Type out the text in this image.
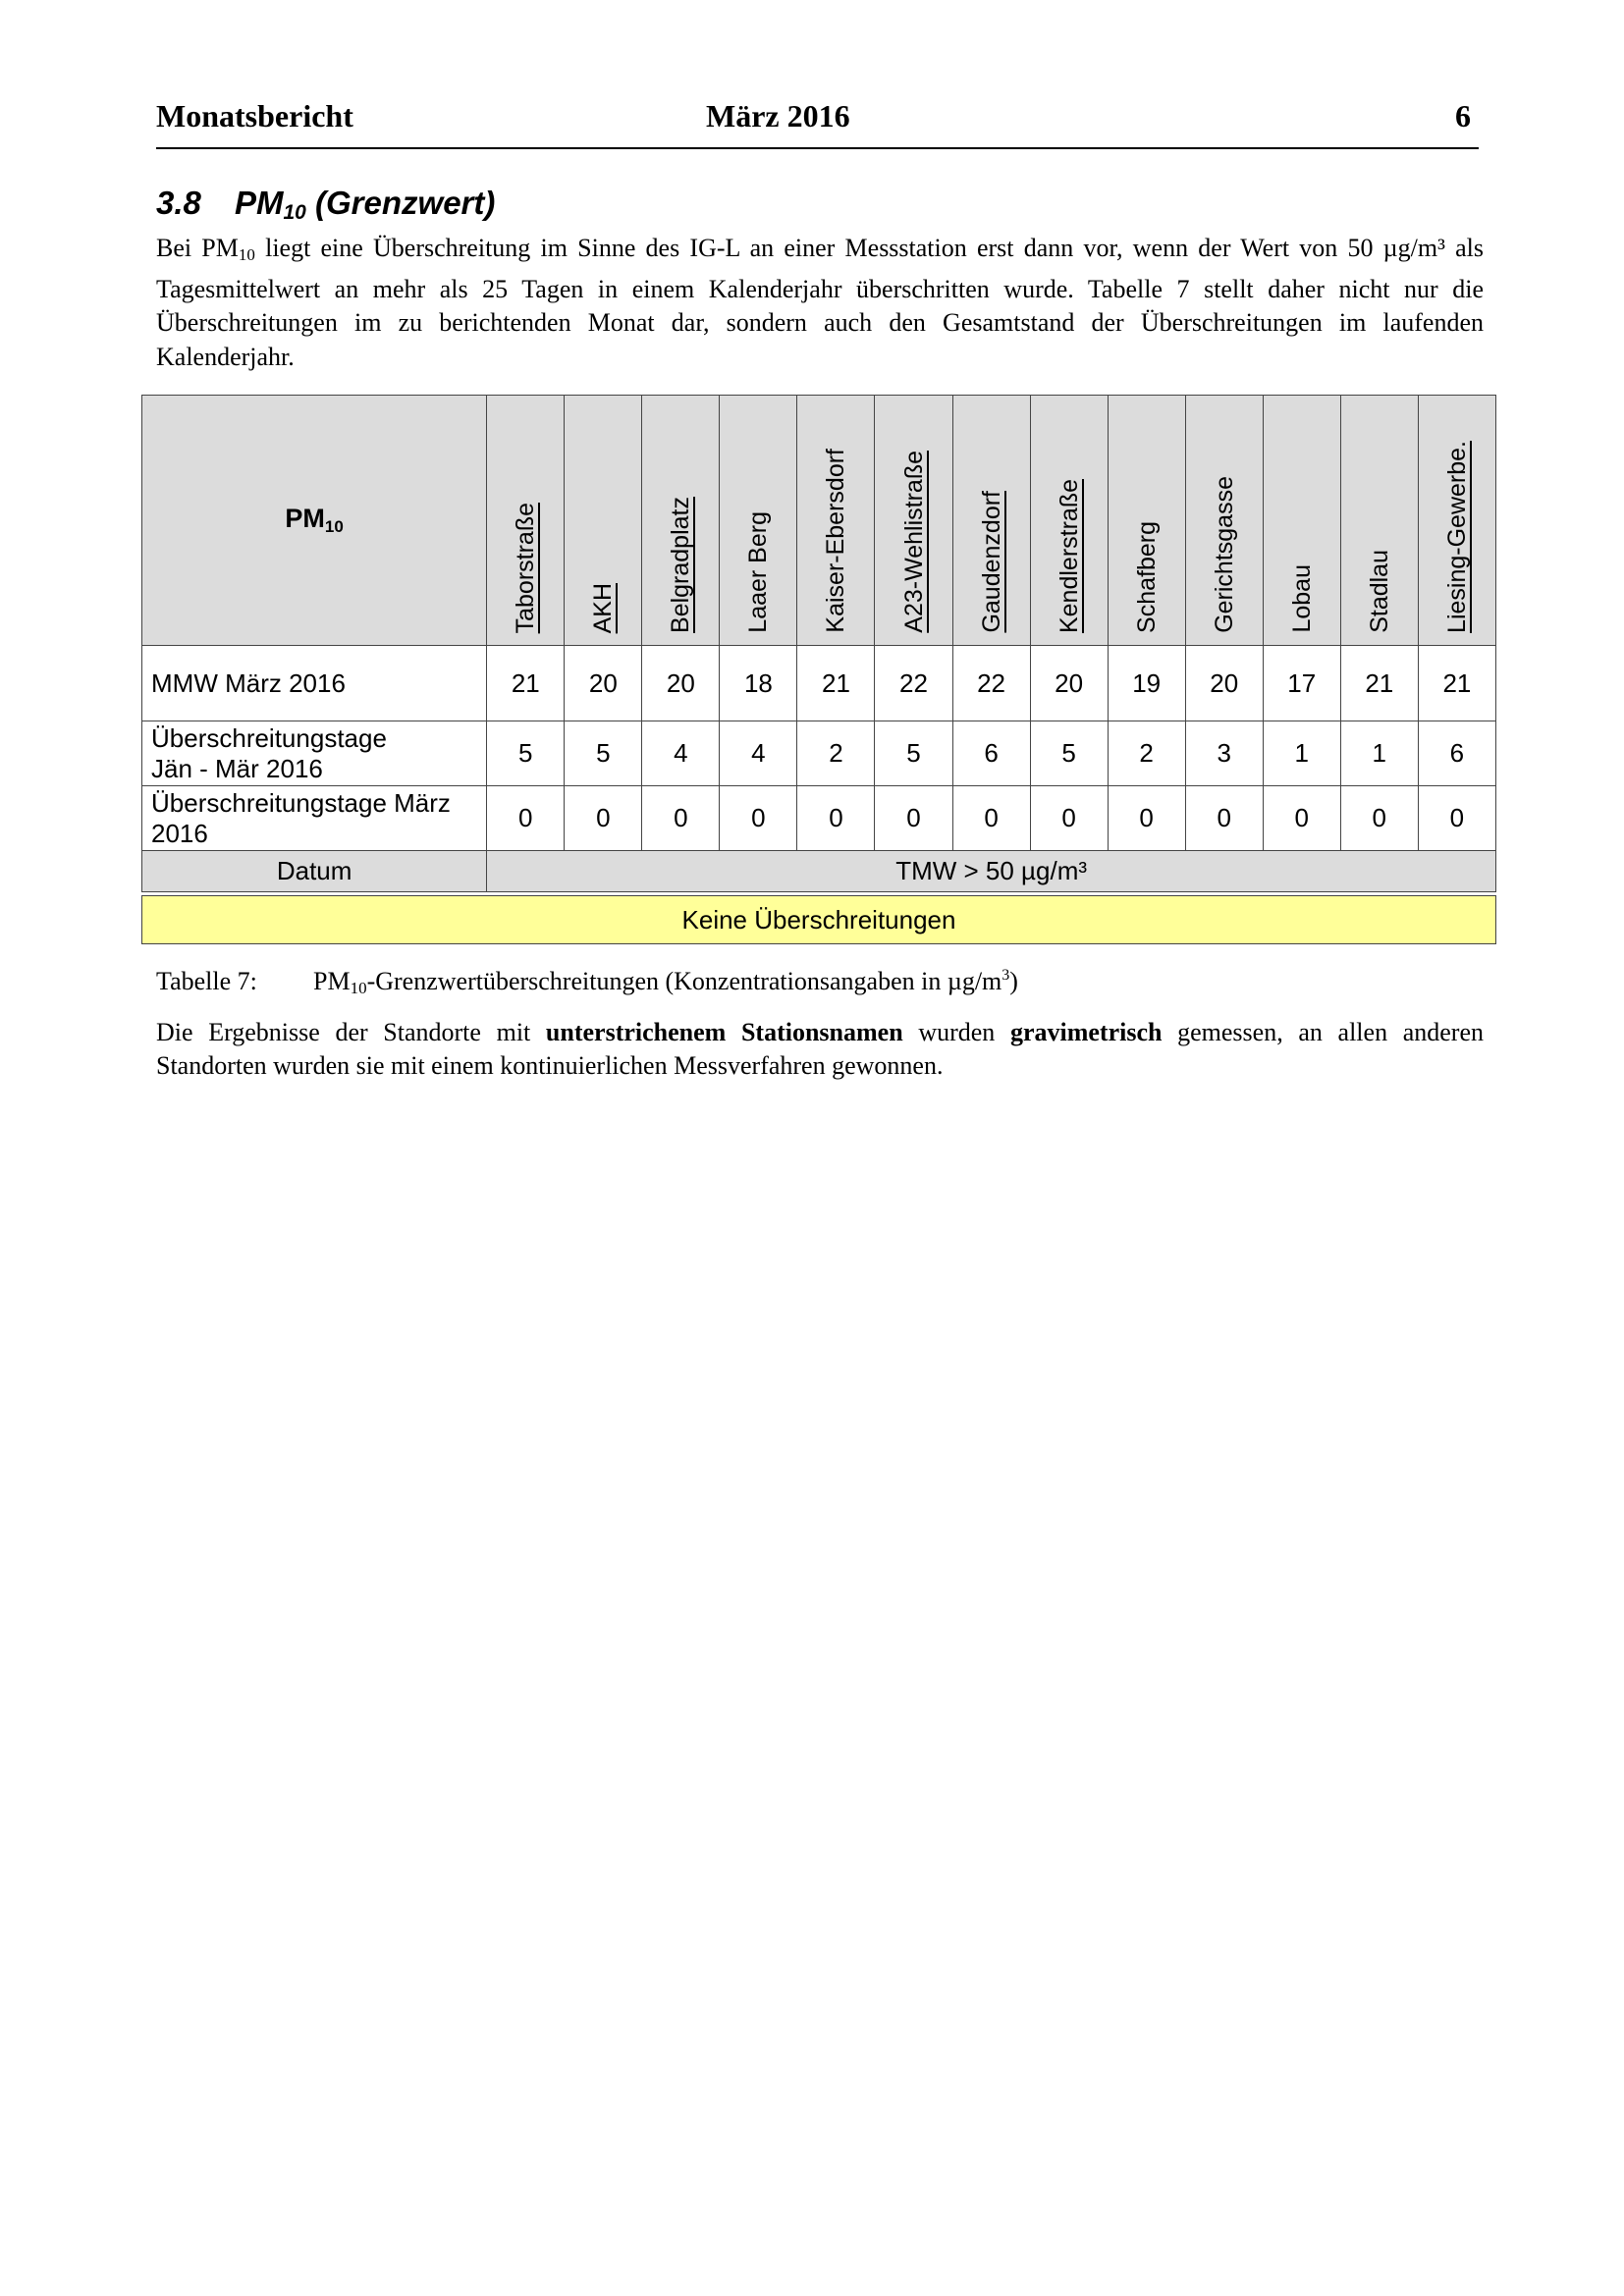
Monatsbericht	März 2016	6
3.8 $PM_{10}$ (Grenzwert)

Bei $PM_{10}$ liegt eine Überschreitung im Sinne des IG-L an einer Messstation erst dann vor, wenn der Wert von 50 µg/m³ als Tagesmittelwert an mehr als 25 Tagen in einem Kalenderjahr überschritten wurde. Tabelle 7 stellt daher nicht nur die Überschreitungen im zu berichtenden Monat dar, sondern auch den Gesamtstand der Überschreitungen im laufenden Kalenderjahr.

$PM_{10}$	Taborstraße	AKH	Belgradplatz	Laaer Berg	Kaiser-Ebersdorf	A23-Wehlistraße	Gaudenzdorf	Kendlerstraße	Schafberg	Gerichtsgasse	Lobau	Stadlau	Liesing-Gewerbe.

MMW März 2016	21	20	20	18	21	22	22	20	19	20	17	21	21
Überschreitungstage
Jän - Mär 2016	5	5	4	4	2	5	6	5	2	3	1	1	6
Überschreitungstage März
2016	0	0	0	0	0	0	0	0	0	0	0	0	0
Datum	TMW > 50 µg/m³												

Keine Überschreitungen													
Tabelle 7: $PM_{10}$-Grenzwertüberschreitungen (Konzentrationsangaben in $\mu g/m^3$)

Die Ergebnisse der Standorte mit unterstrichenem Stationsnamen wurden gravimetrisch gemessen, an allen anderen Standorten wurden sie mit einem kontinuierlichen Messverfahren gewonnen.
